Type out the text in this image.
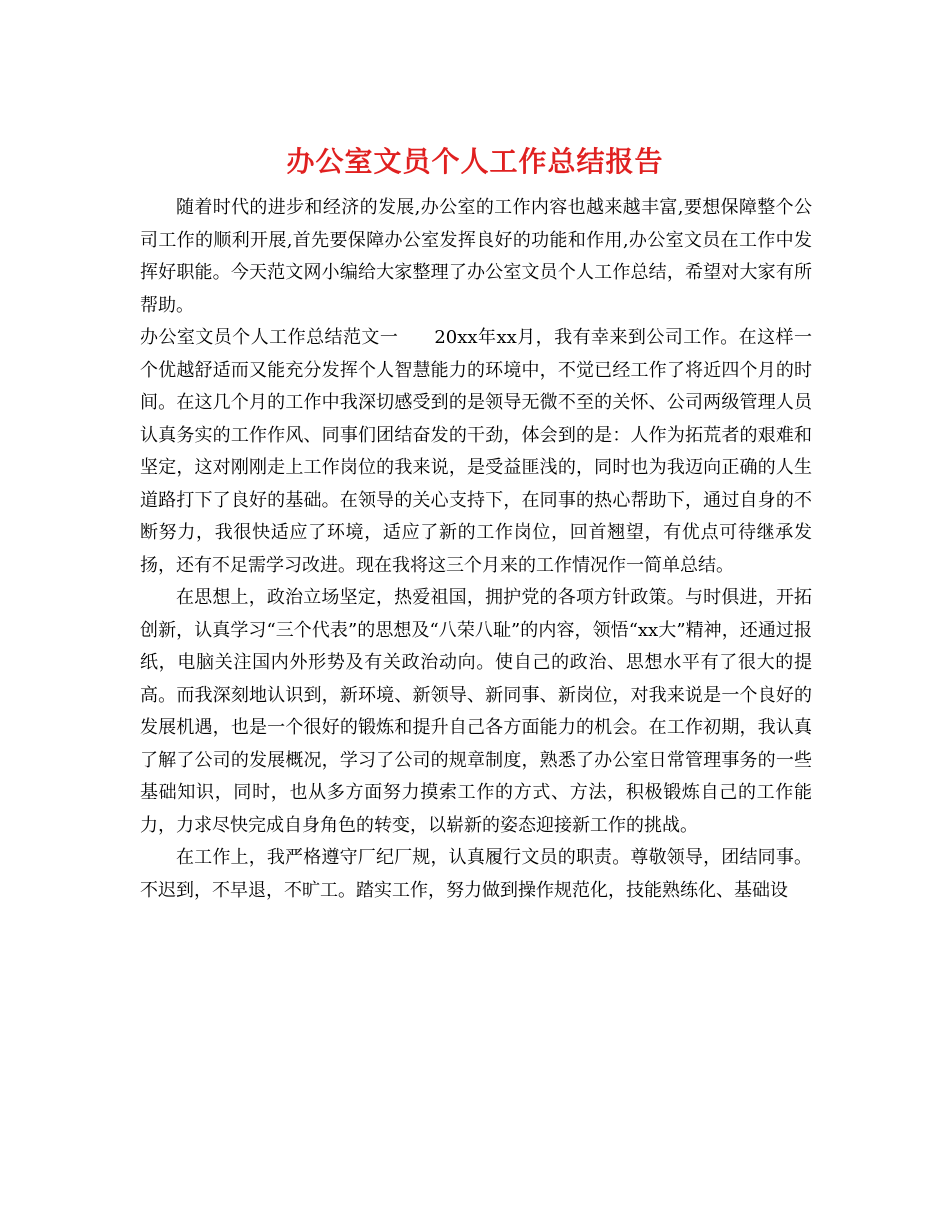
办公室文员个人工作总结报告

随着时代的进步和经济的发展,办公室的工作内容也越来越丰富,要想保障整个公司工作的顺利开展,首先要保障办公室发挥良好的功能和作用,办公室文员在工作中发挥好职能。今天范文网小编给大家整理了办公室文员个人工作总结，希望对大家有所帮助。

办公室文员个人工作总结范文一 20xx年xx月，我有幸来到公司工作。在这样一个优越舒适而又能充分发挥个人智慧能力的环境中，不觉已经工作了将近四个月的时间。在这几个月的工作中我深切感受到的是领导无微不至的关怀、公司两级管理人员认真务实的工作作风、同事们团结奋发的干劲，体会到的是：人作为拓荒者的艰难和坚定，这对刚刚走上工作岗位的我来说，是受益匪浅的，同时也为我迈向正确的人生道路打下了良好的基础。在领导的关心支持下，在同事的热心帮助下，通过自身的不断努力，我很快适应了环境，适应了新的工作岗位，回首翘望，有优点可待继承发扬，还有不足需学习改进。现在我将这三个月来的工作情况作一简单总结。

在思想上，政治立场坚定，热爱祖国，拥护党的各项方针政策。与时俱进，开拓创新，认真学习“三个代表”的思想及“八荣八耻”的内容，领悟“xx大”精神，还通过报纸，电脑关注国内外形势及有关政治动向。使自己的政治、思想水平有了很大的提高。而我深刻地认识到，新环境、新领导、新同事、新岗位，对我来说是一个良好的发展机遇，也是一个很好的锻炼和提升自己各方面能力的机会。在工作初期，我认真了解了公司的发展概况，学习了公司的规章制度，熟悉了办公室日常管理事务的一些基础知识，同时，也从多方面努力摸索工作的方式、方法，积极锻炼自己的工作能力，力求尽快完成自身角色的转变，以崭新的姿态迎接新工作的挑战。

在工作上，我严格遵守厂纪厂规，认真履行文员的职责。尊敬领导，团结同事。不迟到，不早退，不旷工。踏实工作，努力做到操作规范化，技能熟练化、基础设
